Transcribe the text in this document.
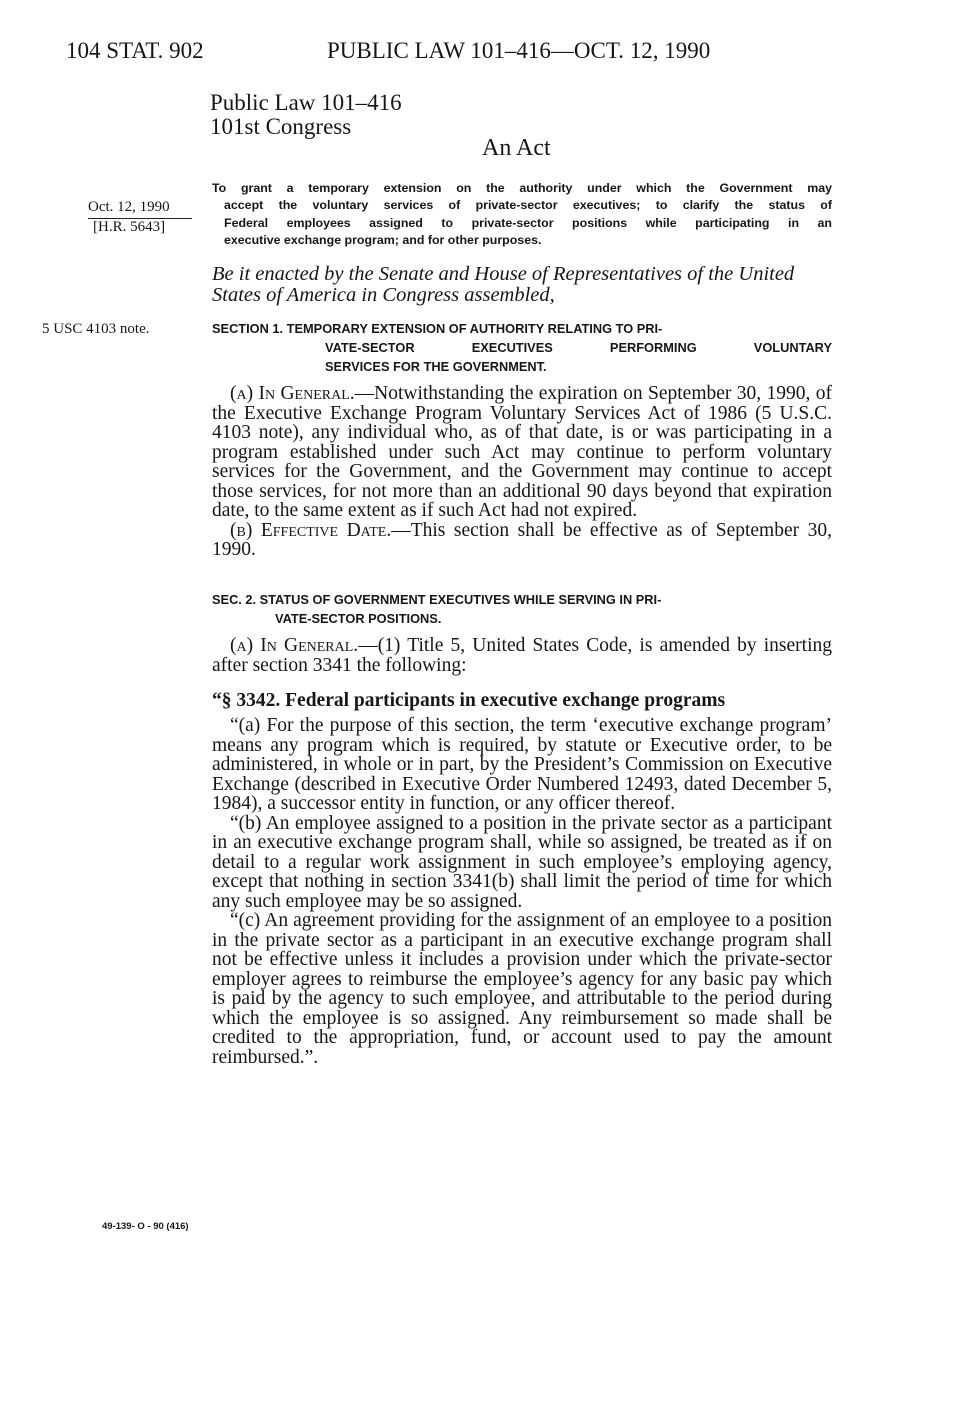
104 STAT. 902	PUBLIC LAW 101–416—OCT. 12, 1990
Public Law 101–416
101st Congress
An Act
Oct. 12, 1990
[H.R. 5643]
5 USC 4103 note.
To grant a temporary extension on the authority under which the Government may
accept the voluntary services of private-sector executives; to clarify the status of
Federal employees assigned to private-sector positions while participating in an
executive exchange program; and for other purposes.
Be it enacted by the Senate and House of Representatives of the United States of America in Congress assembled,
SECTION 1. TEMPORARY EXTENSION OF AUTHORITY RELATING TO PRI-
VATE-SECTOR EXECUTIVES PERFORMING VOLUNTARY
SERVICES FOR THE GOVERNMENT.

(a) In General.—Notwithstanding the expiration on September 30, 1990, of the Executive Exchange Program Voluntary Services Act of 1986 (5 U.S.C. 4103 note), any individual who, as of that date, is or was participating in a program established under such Act may continue to perform voluntary services for the Government, and the Government may continue to accept those services, for not more than an additional 90 days beyond that expiration date, to the same extent as if such Act had not expired.

(b) Effective Date.—This section shall be effective as of September 30, 1990.

SEC. 2. STATUS OF GOVERNMENT EXECUTIVES WHILE SERVING IN PRI-
VATE-SECTOR POSITIONS.

(a) In General.—(1) Title 5, United States Code, is amended by inserting after section 3341 the following:

“§ 3342. Federal participants in executive exchange programs

“(a) For the purpose of this section, the term ‘executive exchange program’ means any program which is required, by statute or Executive order, to be administered, in whole or in part, by the President’s Commission on Executive Exchange (described in Executive Order Numbered 12493, dated December 5, 1984), a successor entity in function, or any officer thereof.

“(b) An employee assigned to a position in the private sector as a participant in an executive exchange program shall, while so assigned, be treated as if on detail to a regular work assignment in such employee’s employing agency, except that nothing in section 3341(b) shall limit the period of time for which any such employee may be so assigned.

“(c) An agreement providing for the assignment of an employee to a position in the private sector as a participant in an executive exchange program shall not be effective unless it includes a provision under which the private-sector employer agrees to reimburse the employee’s agency for any basic pay which is paid by the agency to such employee, and attributable to the period during which the employee is so assigned. Any reimbursement so made shall be credited to the appropriation, fund, or account used to pay the amount reimbursed.”.

49-139- O - 90 (416)
